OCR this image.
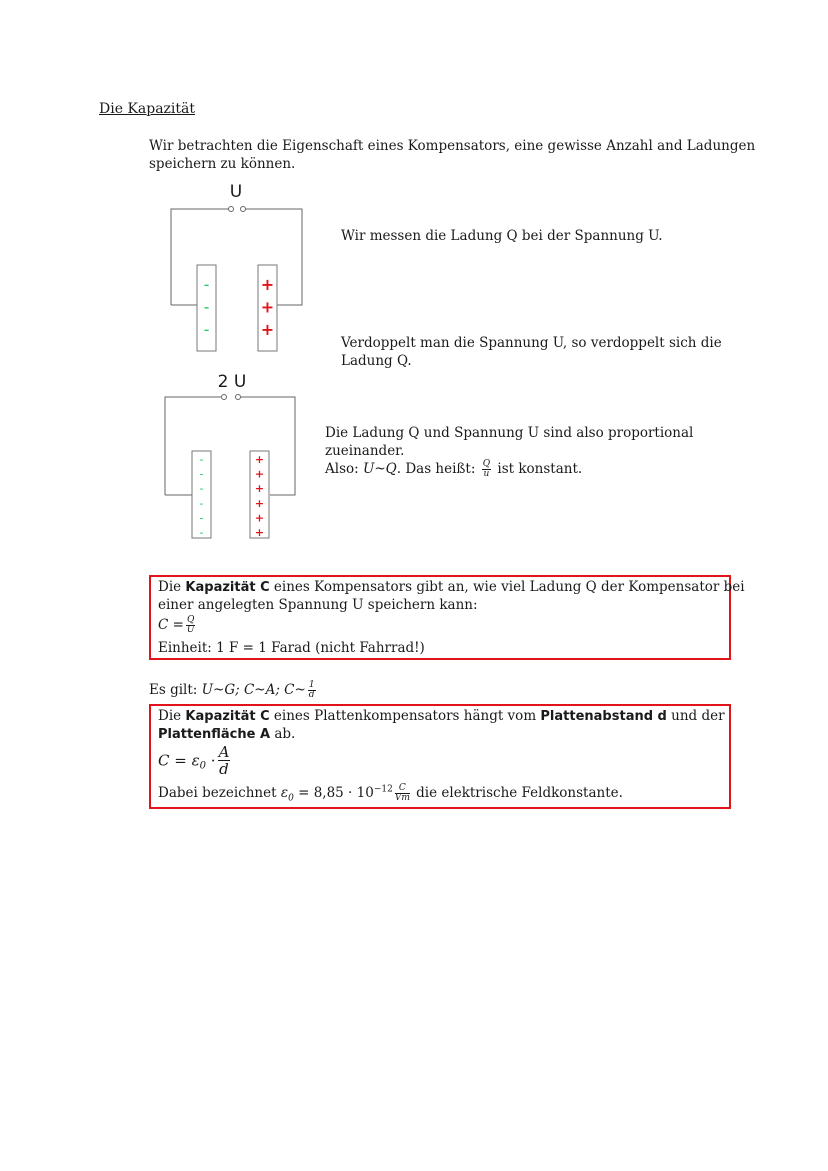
Die Kapazität
Wir betrachten die Eigenschaft eines Kompensators, eine gewisse Anzahl and Ladungen
speichern zu können.
U
-
-
-
+
+
+
2 U
-
-
-
-
-
-
+
+
+
+
+
+
Wir messen die Ladung Q bei der Spannung U.
Verdoppelt man die Spannung U, so verdoppelt sich die
Ladung Q.
Die Ladung Q und Spannung U sind also proportional
zueinander.
Also: U~Q. Das heißt: $\frac{Q}{u}$ ist konstant.
Die Kapazität C eines Kompensators gibt an, wie viel Ladung Q der Kompensator bei
einer angelegten Spannung U speichern kann:
$C = \frac{Q}{U}$
Einheit: 1 F = 1 Farad (nicht Fahrrad!)
Es gilt: U~G; C~A; C~ $\frac{1}{d}$
Die Kapazität C eines Plattenkompensators hängt vom Plattenabstand d und der
Plattenfläche A ab.
$C = \varepsilon_0 \cdot \frac{A}{d}$
Dabei bezeichnet $\varepsilon_0 = 8,85 \cdot 10^{-12} \frac{C}{Vm}$ die elektrische Feldkonstante.
